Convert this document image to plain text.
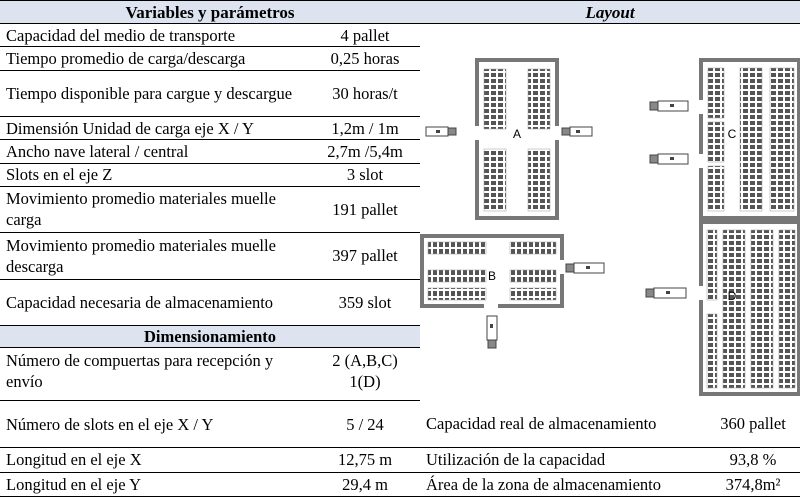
Variables y parámetros		Layout	
Capacidad del medio de transporte	4 pallet	A C
B
D	

Tiempo promedio de carga/descarga	0,25 horas		
Tiempo disponible para cargue y descargue	30 horas/t		
Dimensión Unidad de carga eje X / Y	1,2m / 1m		
Ancho nave lateral / central	2,7m /5,4m		
Slots en el eje Z	3 slot		
Movimiento promedio materiales muelle carga	191 pallet		
Movimiento promedio materiales muelle descarga	397 pallet		
Capacidad necesaria de almacenamiento	359 slot		
Dimensionamiento			
Número de compuertas para recepción y envío	2 (A,B,C) 1(D)		

Número de slots en el eje X / Y	5 / 24	Capacidad real de almacenamiento	360 pallet
Longitud en el eje X	12,75 m	Utilización de la capacidad	93,8 %
Longitud en el eje Y	29,4 m	Área de la zona de almacenamiento	374,8m²
